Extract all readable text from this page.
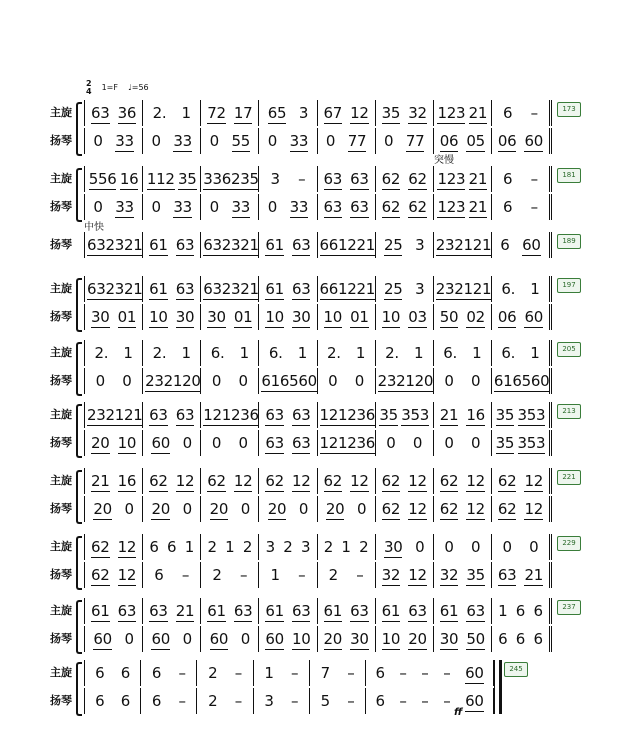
2
4 1=F ♩=56
突慢
中快
ff
主旋 63 36 2. 1 72 17 65 3 67 12 35 32 123 21 6 –
扬琴 0 33 0 33 0 55 0 33 0 77 0 77 06 05 06 60
173
主旋 556 16 112 35 336 235 3 – 63 63 62 62 123 21 6 –
扬琴 0 33 0 33 0 33 0 33 63 63 62 62 123 21 6 –
181
扬琴 63 2321 61 63 63 2321 61 63 661 221 25 3 232 121 6 60	189
主旋 63 2321 61 63 63 2321 61 63 661 221 25 3 232 121 6. 1
扬琴 30 01 10 30 30 01 10 30 10 01 10 03 50 02 06 60
197
主旋 2. 1 2. 1 6. 1 6. 1 2. 1 2. 1 6. 1 6. 1
扬琴 0 0 2321 20 0 0 6165 60 0 0 2321 20 0 0 6165 60
205
主旋 232 121 63 63 1212 36 63 63 1212 36 35 353 21 16 35 353
扬琴 20 10 60 0 0 0 63 63 1212 36 0 0 0 0 35 353
213
主旋 21 16 62 12 62 12 62 12 62 12 62 12 62 12 62 12
扬琴 20 0 20 0 20 0 20 0 20 0 62 12 62 12 62 12
221
主旋 62 12 6 6 1 2 1 2 3 2 3 2 1 2 30 0 0 0 0 0
扬琴 62 12 6 – 2 – 1 – 2 – 32 12 32 35 63 21
229
主旋 61 63 63 21 61 63 61 63 61 63 61 63 61 63 1 6 6
扬琴 60 0 60 0 60 0 60 10 20 30 10 20 30 50 6 6 6
237
主旋 6 6 6 – 2 – 1 – 7 – 6 – – – 60
扬琴 6 6 6 – 2 – 3 – 5 – 6 – – – 60
245
